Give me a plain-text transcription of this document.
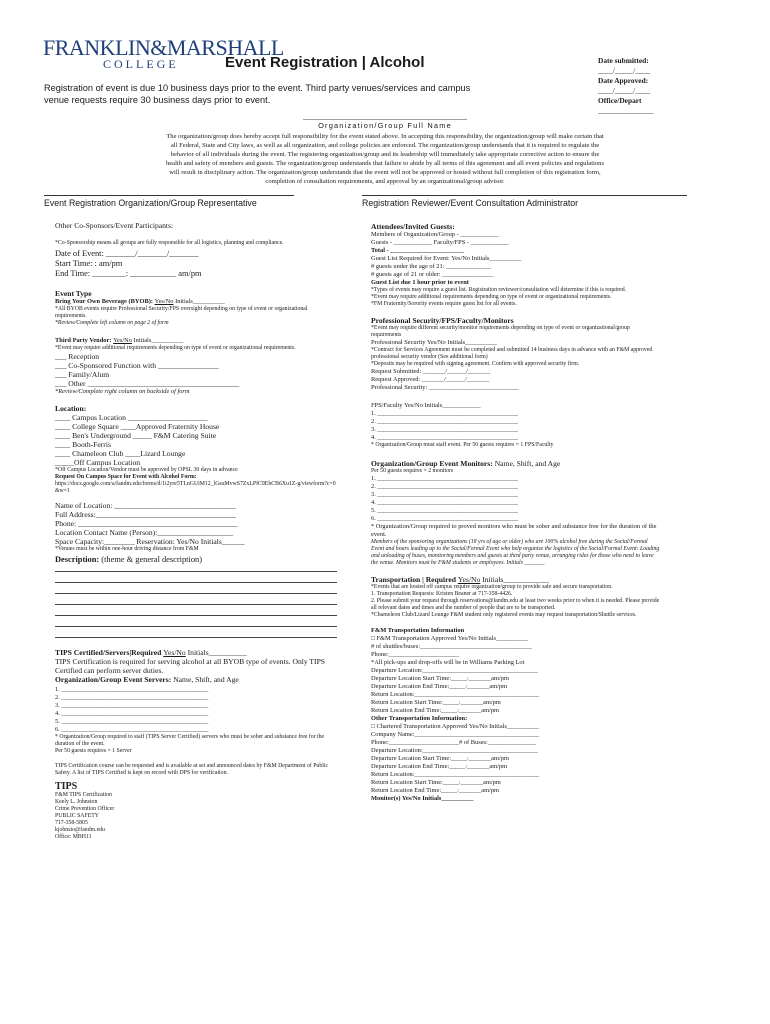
FRANKLIN&MARSHALL
COLLEGE	Event Registration | Alcohol	Date submitted:
____/_____/____
Date Approved:
____/_____/____
Office/Depart
_______________
Registration of event is due 10 business days prior to the event. Third party venues/services and campus
venue requests require 30 business days prior to event.
_________________________________________
Organization/Group Full Name
The organization/group does hereby accept full responsibility for the event stated above. In accepting this responsibility, the organization/group will make certain that
all Federal, State and City laws, as well as all organization, and college policies are enforced. The organization/group understands that it is required to regulate the
behavior of all individuals during the event. The registering organization/group and its leadership will immediately take appropriate corrective action to ensure the
health and safety of members and guests. The organization/group understands that failure to abide by all terms of this agreement and all event policies and regulations
will result in disciplinary action. The organization/group understands that the event will not be approved or hosted without full completion of this registration form,
completion of consultation requirements, and approval by an organizational/group advisor.
Event Registration Organization/Group Representative	Registration Reviewer/Event Consultation Administrator
Other Co-Sponsors/Event Participants:
*Co-Sponsorship means all groups are fully responsible for all logistics, planning and compliance.
Date of Event: _______/_______/_______
Start Time: : am/pm
End Time: ________: ___________ am/pm
Event Type
Bring Your Own Beverage (BYOB): Yes/No Initials__________
*All BYOB events require Professional Security/FPS oversight depending on type of event or organizational requirements.
*Review/Complete left column on page 2 of form
Third Party Vendor: Yes/No Initials__________
*Event may require additional requirements depending on type of event or organizational requirements.
___ Reception
___ Co-Sponsored Function with ________________
___ Family/Alum
___ Other ________________________________________
*Review/Complete right column on backside of form
Location:
____ Campus Location _____________________
____ College Square ____Approved Fraternity House
____ Ben's Underground _____ F&M Catering Suite
____ Booth-Ferris
____ Chameleon Club ____Lizard Lounge
_____Off Campus Location
*Off Campus Location/Vendor must be approved by OPSL 30 days in advance
Request On Campus Space for Event with Alcohol Form:
https://docs.google.com/a/fandm.edu/forms/d/1i2yre5TLnGUiM12_lGeaMvwS7ZxLPfC9EhCB6Xu1Z-g/viewform?c=0&w=1
Name of Location: ________________________________
Full Address:_____________________________________
Phone: __________________________________________
Location Contact Name (Person):____________________
Space Capacity:________ Reservation: Yes/No Initials______
*Venues must be within one-hour driving distance from F&M
Description: (theme & general description)
TIPS Certified/Servers|Required Yes/No Initials__________
TIPS Certification is required for serving alcohol at all BYOB type of events. Only TIPS Certified can perform server duties.
Organization/Group Event Servers: Name, Shift, and Age
1. ______________________________________________
2. ______________________________________________
3. ______________________________________________
4. ______________________________________________
5. ______________________________________________
6. ______________________________________________
* Organization/Group required to staff (TIPS Server Certified) servers who must be sober and substance free for the duration of the event.
Per 50 guests requires = 1 Server
TIPS Certification course can be requested and is available at set and announced dates by F&M Department of Public Safety. A list of TIPS Certified is kept on record with DPS for verification.
TIPS
F&M TIPS Certification
Keely L. Johnston
Crime Prevention Officer
PUBLIC SAFETY
717-358-5805
kjohnsto@fandm.edu
Office: MBH11
Attendees/Invited Guests:
Members of Organization/Group - ____________
Guests - ____________ Faculty/FPS - ____________
Total - _______________________
Guest List Required for Event: Yes/No Initials__________
# guests under the age of 21: ______________
# guests age of 21 or older: ________________
Guest List due 1 hour prior to event
*Types of events may require a guest list. Registration reviewer/consultation will determine if this is required.
*Event may require additional requirements depending on type of event or organizational requirements.
*FM Fraternity/Sorority events require guest list for all events.
Professional Security/FPS/Faculty/Monitors
*Event may require different security/monitor requirements depending on type of event or organizational/group requirements
Professional Security Yes/No Initials__________
*Contract for Services Agreement must be completed and submitted 14 business days in advance with an F&M approved professional security vendor (See additional form)
*Deposits may be required with signing agreement. Confirm with approved security firm.
Request Submitted: _______/______/_______
Request Approved: _______/______/_______
Professional Security: ____________________________
FPS/Faculty Yes/No Initials____________
1. ____________________________________________
2. ____________________________________________
3. ____________________________________________
4. ____________________________________________
* Organization/Group must staff event. Per 50 guests requires = 1 FPS/Faculty
Organization/Group Event Monitors: Name, Shift, and Age
Per 50 guests requires = 2 monitors
1. ____________________________________________
2. ____________________________________________
3. ____________________________________________
4. ____________________________________________
5. ____________________________________________
6. ____________________________________________
* Organization/Group required to proved monitors who must be sober and substance free for the duration of the event.
Members of the sponsoring organizations (18 yrs of age or older) who are 100% alcohol free during the Social/Formal Event and hours leading up to the Social/Formal Event who help organize the logistics of the Social/Formal Event: Loading and unloading of buses, monitoring members and guests at third party venue, arranging rides for those who need to leave the venue. Monitors must be F&M students or employees. Initials _______
Transportation | Required Yes/No Initials____________
*Events that are hosted off campus require organization/group to provide safe and secure transportation.
1. Transportation Requests: Kristen Beaner at 717-358-4426.
2. Please submit your request through reservations@fandm.edu at least two weeks prior to when it is needed. Please provide all relevant dates and times and the number of people that are to be transported.
*Chameleon Club/Lizard Lounge F&M student only registered events may request transportation/Shuttle services.
F&M Transportation Information
□ F&M Transportation Approved Yes/No Initials__________
# of shuttles/buses:___________________________________
Phone:______________________
*All pick-ups and drop-offs will be in Williams Parking Lot
Departure Location:____________________________________
Departure Location Start Time:_____:_______am/pm
Departure Location End Time:_____:_______am/pm
Return Location:_______________________________________
Return Location Start Time:_____:_______am/pm
Return Location End Time:_____:_______am/pm
Other Transportation Information:
□ Chartered Transportation Approved Yes/No Initials__________
Company Name:_______________________________________
Phone:______________________# of Buses:_______________
Departure Location:____________________________________
Departure Location Start Time:_____:_______am/pm
Departure Location End Time:_____:_______am/pm
Return Location:_______________________________________
Return Location Start Time:_____:_______am/pm
Return Location End Time:_____:_______am/pm
Monitor(s) Yes/No Initials__________
